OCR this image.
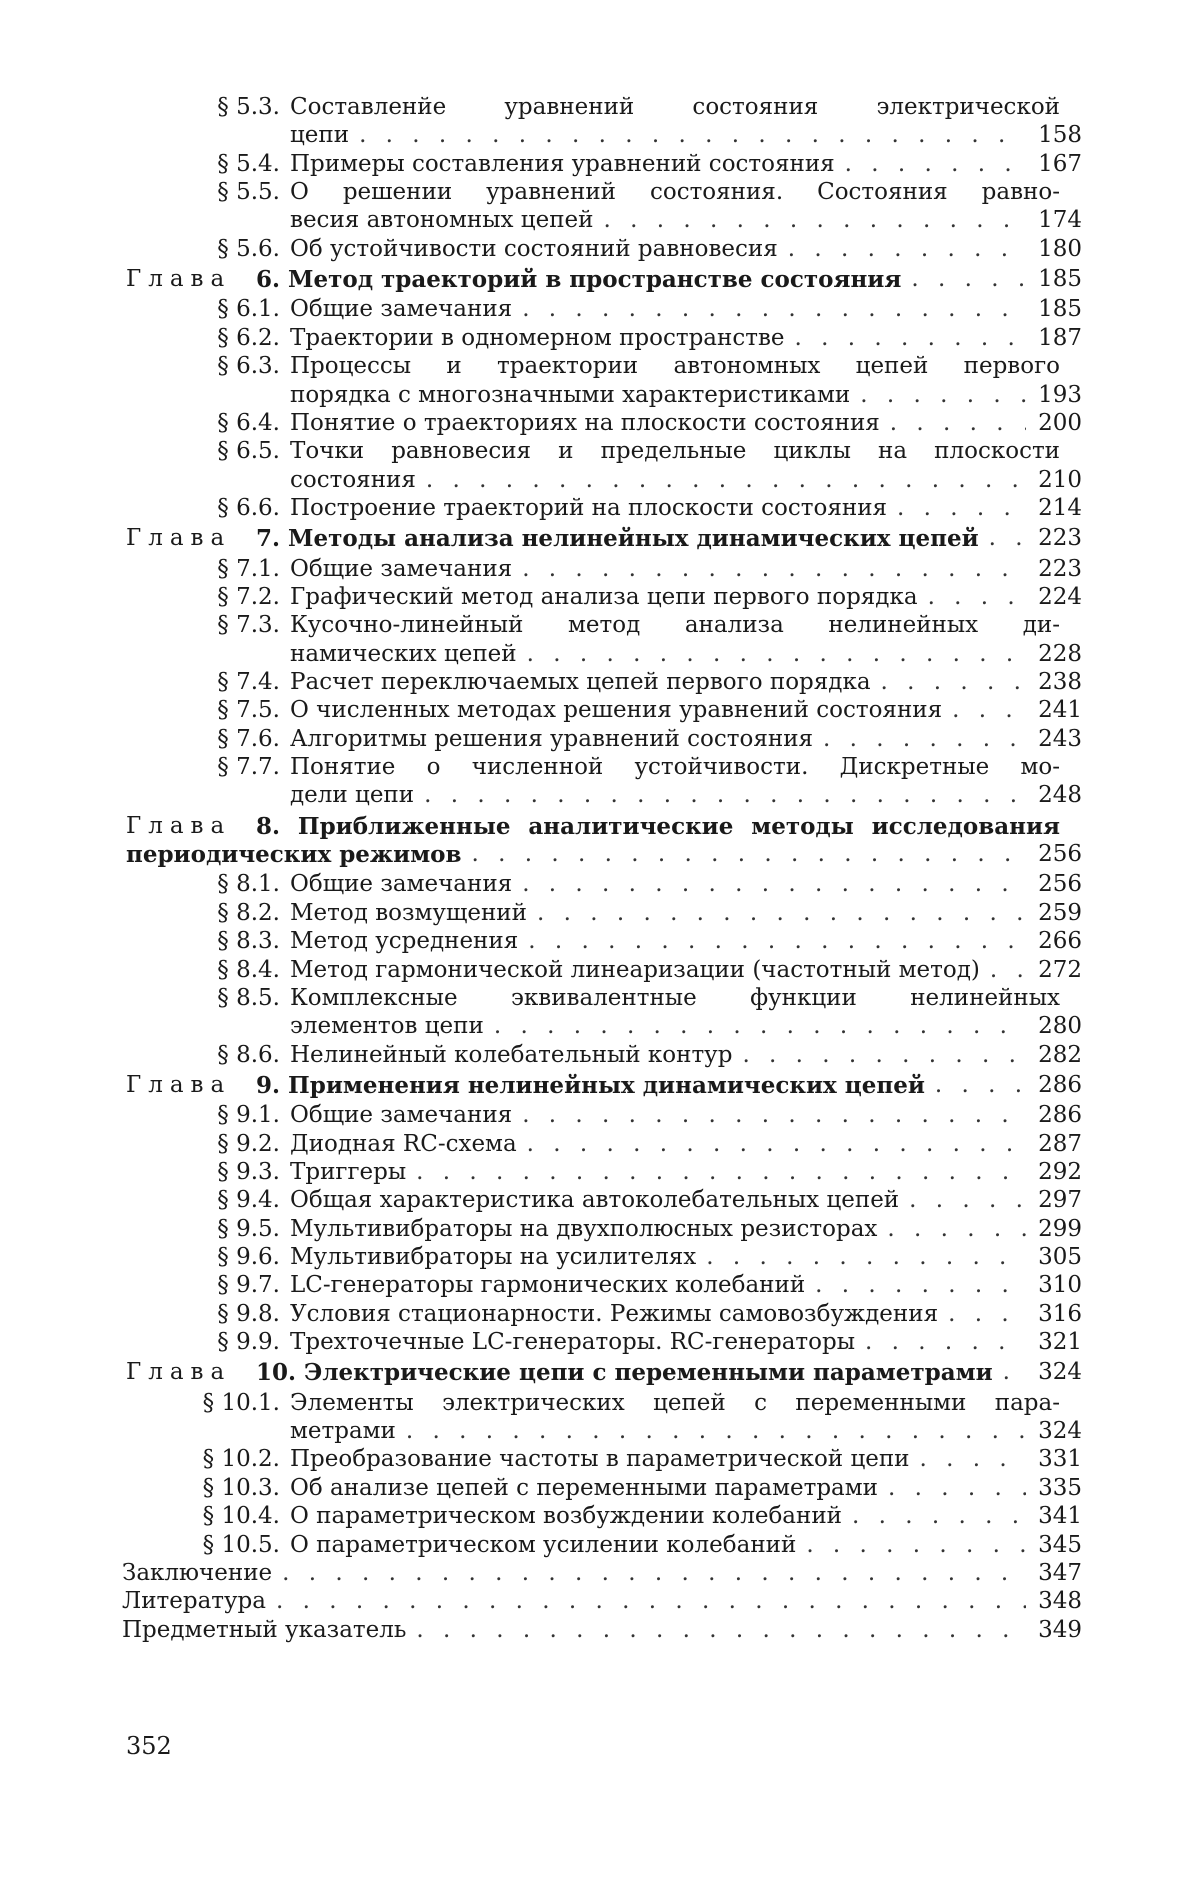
§ 5.3. Составленйе уравнений состояния электрической
цепи . . .	158
§ 5.4. Примеры составления уравнений состояния . . .	167
§ 5.5. О решении уравнений состояния. Состояния равно-
весия автономных цепей . . .	174
§ 5.6. Об устойчивости состояний равновесия . . .	180
Глава	6. Метод траекторий в пространстве состояния . . .	185
§ 6.1. Общие замечания . . .	185
§ 6.2. Траектории в одномерном пространстве . . .	187
§ 6.3. Процессы и траектории автономных цепей первого
порядка с многозначными характеристиками . . .	193
§ 6.4. Понятие о траекториях на плоскости состояния . . .	200
§ 6.5. Точки равновесия и предельные циклы на плоскости
состояния . . .	210
§ 6.6. Построение траекторий на плоскости состояния . . .	214
Глава	7. Методы анализа нелинейных динамических цепей . . .	223
§ 7.1. Общие замечания . . .	223
§ 7.2. Графический метод анализа цепи первого порядка . . .	224
§ 7.3. Кусочно-линейный метод анализа нелинейных ди-
намических цепей . . .	228
§ 7.4. Расчет переключаемых цепей первого порядка . . .	238
§ 7.5. О численных методах решения уравнений состояния . . .	241
§ 7.6. Алгоритмы решения уравнений состояния . . .	243
§ 7.7. Понятие о численной устойчивости. Дискретные мо-
дели цепи . . .	248
Глава	8. Приближенные аналитические методы исследования
периодических режимов . . .	256
§ 8.1. Общие замечания . . .	256
§ 8.2. Метод возмущений . . .	259
§ 8.3. Метод усреднения . . .	266
§ 8.4. Метод гармонической линеаризации (частотный метод) . . .	272
§ 8.5. Комплексные эквивалентные функции нелинейных
элементов цепи . . .	280
§ 8.6. Нелинейный колебательный контур . . .	282
Глава	9. Применения нелинейных динамических цепей . . .	286
§ 9.1. Общие замечания . . .	286
§ 9.2. Диодная RC-схема . . .	287
§ 9.3. Триггеры . . .	292
§ 9.4. Общая характеристика автоколебательных цепей . . .	297
§ 9.5. Мультивибраторы на двухполюсных резисторах . . .	299
§ 9.6. Мультивибраторы на усилителях . . .	305
§ 9.7. LC-генераторы гармонических колебаний . . .	310
§ 9.8. Условия стационарности. Режимы самовозбуждения . . .	316
§ 9.9. Трехточечные LC-генераторы. RC-генераторы . . .	321
Глава	10. Электрические цепи с переменными параметрами . . .	324
§ 10.1. Элементы электрических цепей с переменными пара-
метрами . . .	324
§ 10.2. Преобразование частоты в параметрической цепи . . .	331
§ 10.3. Об анализе цепей с переменными параметрами . . .	335
§ 10.4. О параметрическом возбуждении колебаний . . .	341
§ 10.5. О параметрическом усилении колебаний . . .	345
Заключение . . .	347
Литература . . .	348
Предметный указатель . . .	349
352
